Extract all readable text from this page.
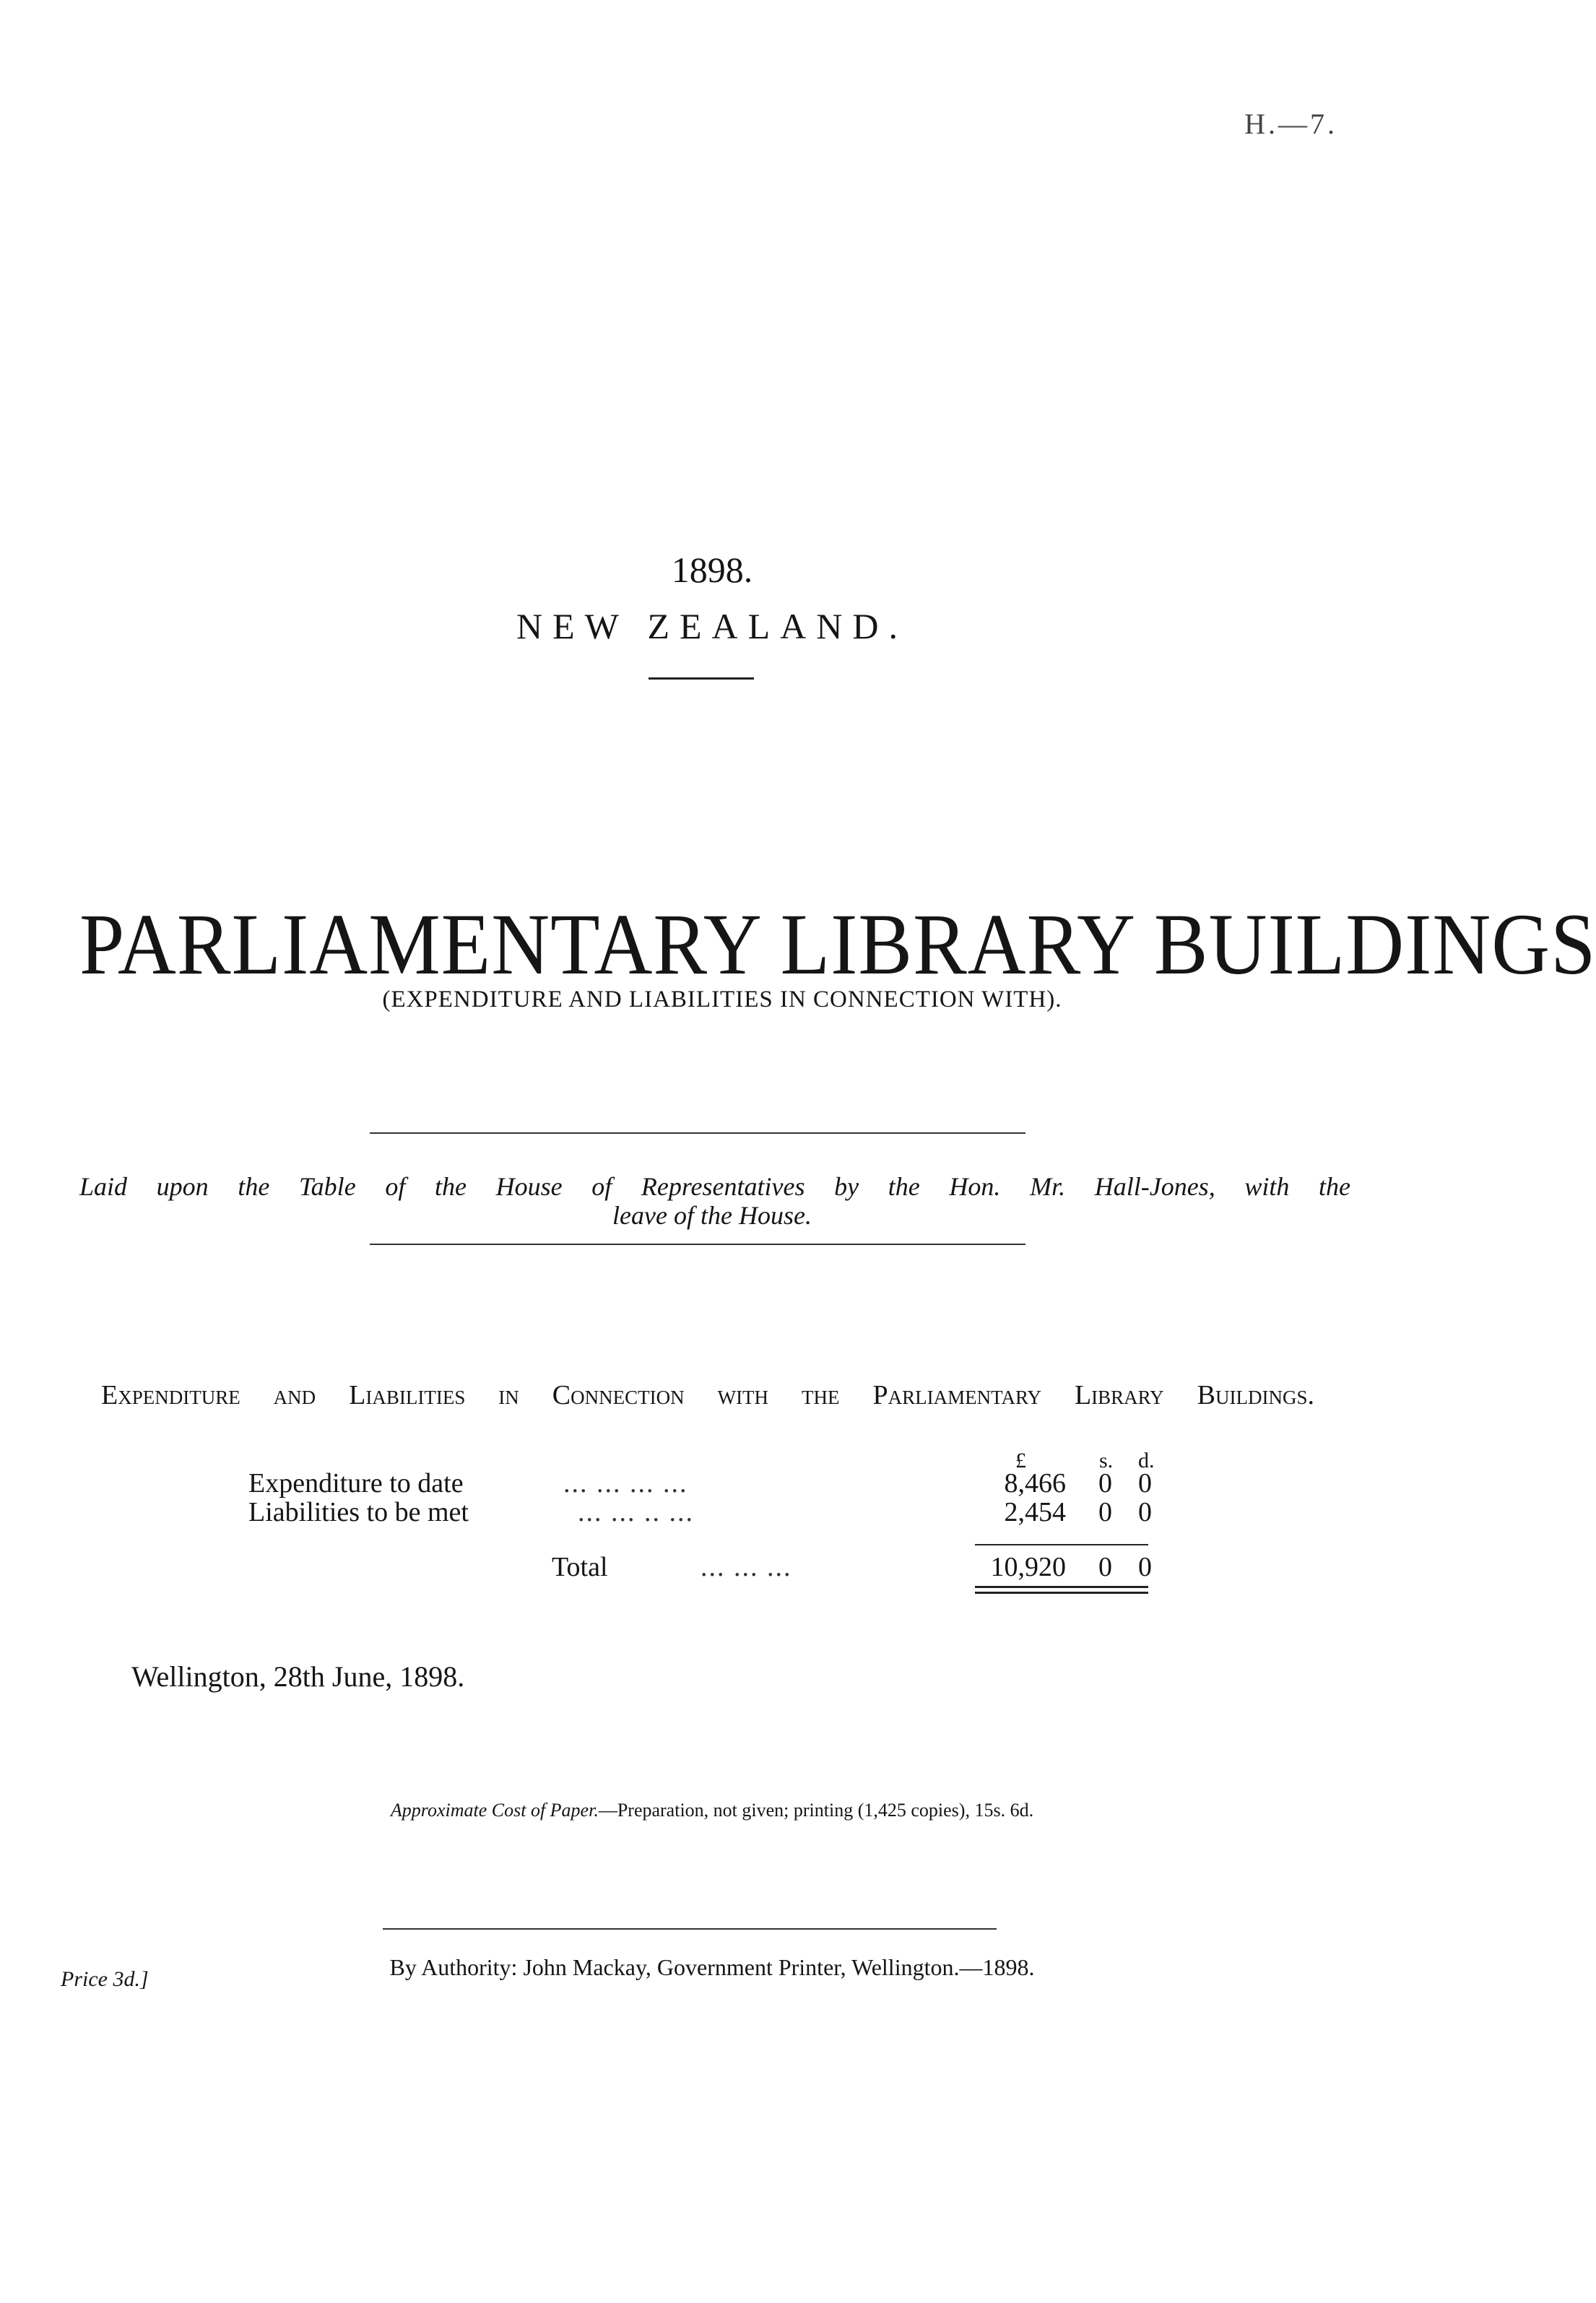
H.—7.
1898.
NEW ZEALAND.
PARLIAMENTARY LIBRARY BUILDINGS
(EXPENDITURE AND LIABILITIES IN CONNECTION WITH).
Laid upon the Table of the House of Representatives by the Hon. Mr. Hall-Jones, with the
leave of the House.
Expenditure and Liabilities in Connection with the Parliamentary Library Buildings.
£	s. d.
Expenditure to date	... ... ... ...	8,466	0 0
Liabilities to be met	... ... .. ...	2,454	0 0
Total	... ... ...	10,920	0 0
Wellington, 28th June, 1898.
Approximate Cost of Paper.—Preparation, not given; printing (1,425 copies), 15s. 6d.
By Authority: John Mackay, Government Printer, Wellington.—1898.
Price 3d.]
